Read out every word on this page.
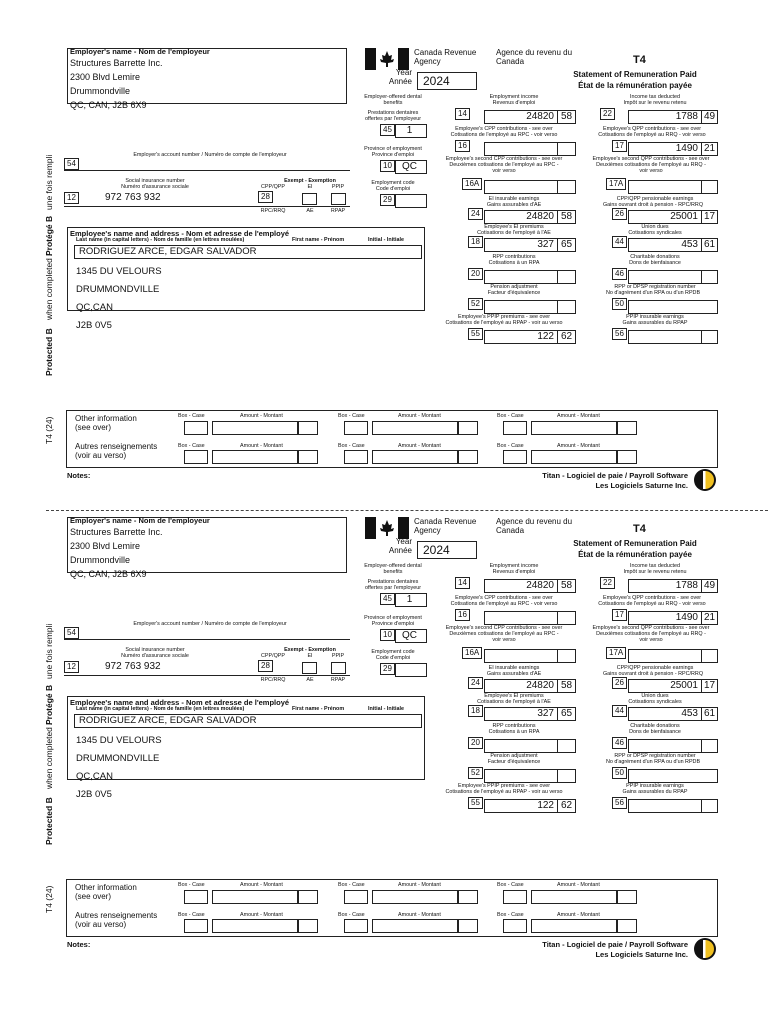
T4 (24)
Protected B
when completed /
Protégé B
une fois rempli
Employer's name - Nom de l'employeur
Structures Barrette Inc.
2300 Blvd Lemire
Drummondville
QC, CAN, J2B 6X9
Employer's account number / Numéro de compte de l'employeur
54
Social insurance number
Numéro d'assurance sociale
12	972 763 932
Exempt - Exemption
CPP/QPP	EI	PPIP
28
RPC/RRQ	AE	RPAP
Employee's name and address - Nom et adresse de l'employé
Last name (in capital letters) - Nom de famille (en lettres moulées)	First name - Prénom	Initial - Initiale
RODRIGUEZ ARCE, EDGAR SALVADOR
1345 DU VELOURS
DRUMMONDVILLE
QC,CAN
J2B 0V5
Canada Revenue
Agency
Agence du revenu du
Canada
Year
Année 2024
T4
Statement of Remuneration Paid
État de la rémunération payée
Employer-offered dental
benefits
Prestations dentaires
offertes par l'employeur
45	1
Province of employment
Province d'emploi
10	QC
Employment code
Code d'emploi
29
Employment income
Revenus d'emploi
14	24820 58
Employee's CPP contributions - see over
Cotisations de l'employé au RPC - voir verso
16
Employee's second CPP contributions - see over
Deuxièmes cotisations de l'employé au RPC -
voir verso
16A
EI insurable earnings
Gains assurables d'AE
24	24820 58
Employee's EI premiums
Cotisations de l'employé à l'AE
18	327 65
RPP contributions
Cotisations à un RPA
20
Pension adjustment
Facteur d'équivalence
52
Employee's PPIP premiums - see over
Cotisations de l'employé au RPAP - voir au verso
55	122 62
Income tax deducted
Impôt sur le revenu retenu
22	1788 49
Employee's QPP contributions - see over
Cotisations de l'employé au RRQ - voir verso
17	1490 21
Employee's second QPP contributions - see over
Deuxièmes cotisations de l'employé au RRQ -
voir verso
17A
CPP/QPP pensionable earnings
Gains ouvrant droit à pension - RPC/RRQ
26	25001 17
Union dues
Cotisations syndicales
44	453 61
Charitable donations
Dons de bienfaisance
46
RPP or DPSP registration number
No d'agrément d'un RPA ou d'un RPDB
50
PPIP insurable earnings
Gains assurables du RPAP
56
Other information
(see over)
Autres renseignements
(voir au verso)
Box - Case	Amount - Montant	Box - Case	Amount - Montant	Box - Case	Amount - Montant
Box - Case	Amount - Montant	Box - Case	Amount - Montant	Box - Case	Amount - Montant
Notes:	Titan - Logiciel de paie / Payroll Software
Les Logiciels Saturne Inc.
T4 (24)
Protected B
when completed /
Protégé B
une fois rempli
Employer's name - Nom de l'employeur
Structures Barrette Inc.
2300 Blvd Lemire
Drummondville
QC, CAN, J2B 6X9
Employer's account number / Numéro de compte de l'employeur
54
Social insurance number
Numéro d'assurance sociale
12	972 763 932
Exempt - Exemption
CPP/QPP	EI	PPIP
28
RPC/RRQ	AE	RPAP
Employee's name and address - Nom et adresse de l'employé
Last name (in capital letters) - Nom de famille (en lettres moulées)	First name - Prénom	Initial - Initiale
RODRIGUEZ ARCE, EDGAR SALVADOR
1345 DU VELOURS
DRUMMONDVILLE
QC,CAN
J2B 0V5
Canada Revenue
Agency
Agence du revenu du
Canada
Year
Année 2024
T4
Statement of Remuneration Paid
État de la rémunération payée
Employer-offered dental
benefits
Prestations dentaires
offertes par l'employeur
45	1
Province of employment
Province d'emploi
10	QC
Employment code
Code d'emploi
29
Employment income
Revenus d'emploi
14	24820 58
Employee's CPP contributions - see over
Cotisations de l'employé au RPC - voir verso
16
Employee's second CPP contributions - see over
Deuxièmes cotisations de l'employé au RPC -
voir verso
16A
EI insurable earnings
Gains assurables d'AE
24	24820 58
Employee's EI premiums
Cotisations de l'employé à l'AE
18	327 65
RPP contributions
Cotisations à un RPA
20
Pension adjustment
Facteur d'équivalence
52
Employee's PPIP premiums - see over
Cotisations de l'employé au RPAP - voir au verso
55	122 62
Income tax deducted
Impôt sur le revenu retenu
22	1788 49
Employee's QPP contributions - see over
Cotisations de l'employé au RRQ - voir verso
17	1490 21
Employee's second QPP contributions - see over
Deuxièmes cotisations de l'employé au RRQ -
voir verso
17A
CPP/QPP pensionable earnings
Gains ouvrant droit à pension - RPC/RRQ
26	25001 17
Union dues
Cotisations syndicales
44	453 61
Charitable donations
Dons de bienfaisance
46
RPP or DPSP registration number
No d'agrément d'un RPA ou d'un RPDB
50
PPIP insurable earnings
Gains assurables du RPAP
56
Other information
(see over)
Autres renseignements
(voir au verso)
Box - Case	Amount - Montant	Box - Case	Amount - Montant	Box - Case	Amount - Montant
Box - Case	Amount - Montant	Box - Case	Amount - Montant	Box - Case	Amount - Montant
Notes:	Titan - Logiciel de paie / Payroll Software
Les Logiciels Saturne Inc.
